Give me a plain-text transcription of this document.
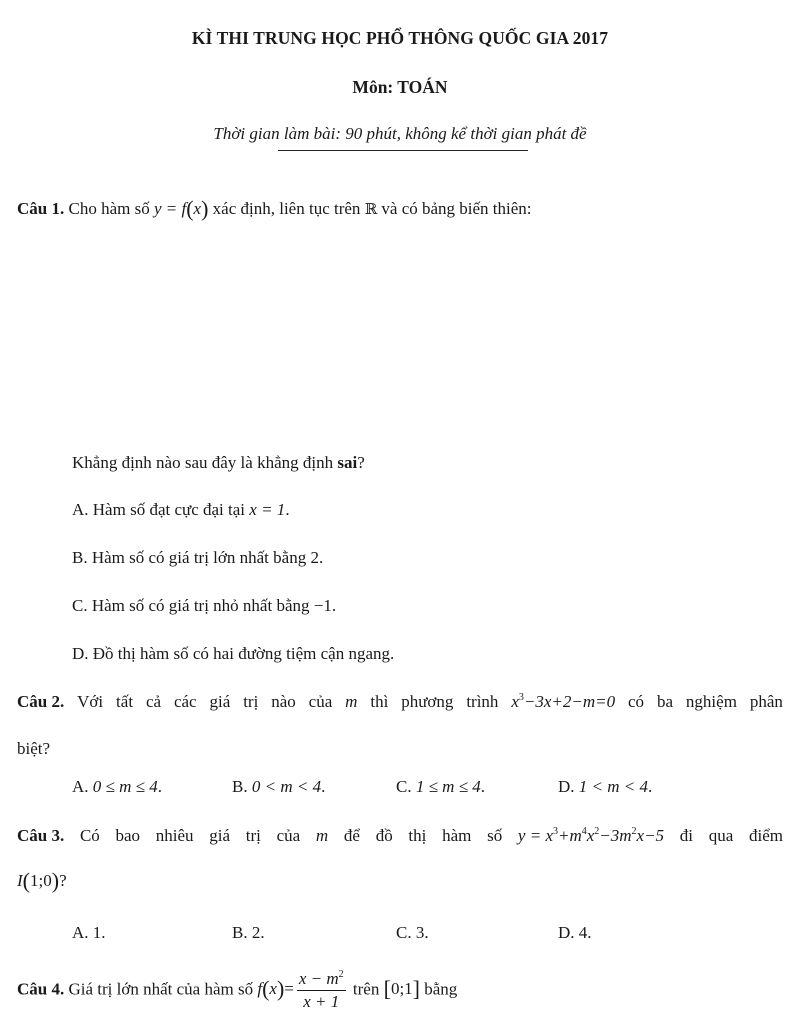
KÌ THI TRUNG HỌC PHỔ THÔNG QUỐC GIA 2017
Môn: TOÁN
Thời gian làm bài: 90 phút, không kể thời gian phát đề
Câu 1. Cho hàm số y = f(x) xác định, liên tục trên ℝ và có bảng biến thiên:
Khẳng định nào sau đây là khẳng định sai?
A. Hàm số đạt cực đại tại x = 1.
B. Hàm số có giá trị lớn nhất bằng 2.
C. Hàm số có giá trị nhỏ nhất bằng −1.
D. Đồ thị hàm số có hai đường tiệm cận ngang.
Câu 2. Với tất cả các giá trị nào của m thì phương trình $x^3-3x+2-m=0$ có ba nghiệm phân
biệt?
A. 0 ≤ m ≤ 4.	B. 0 < m < 4.	C. 1 ≤ m ≤ 4.	D. 1 < m < 4.
Câu 3. Có bao nhiêu giá trị của m để đồ thị hàm số $y = x^3+m^4x^2-3m^2x-5$ đi qua điểm
I(1;0)?
A. 1.	B. 2.	C. 3.	D. 4.
Câu 4. Giá trị lớn nhất của hàm số $f(x)= \frac{x - m^2}{x + 1}$ trên [0;1] bằng
